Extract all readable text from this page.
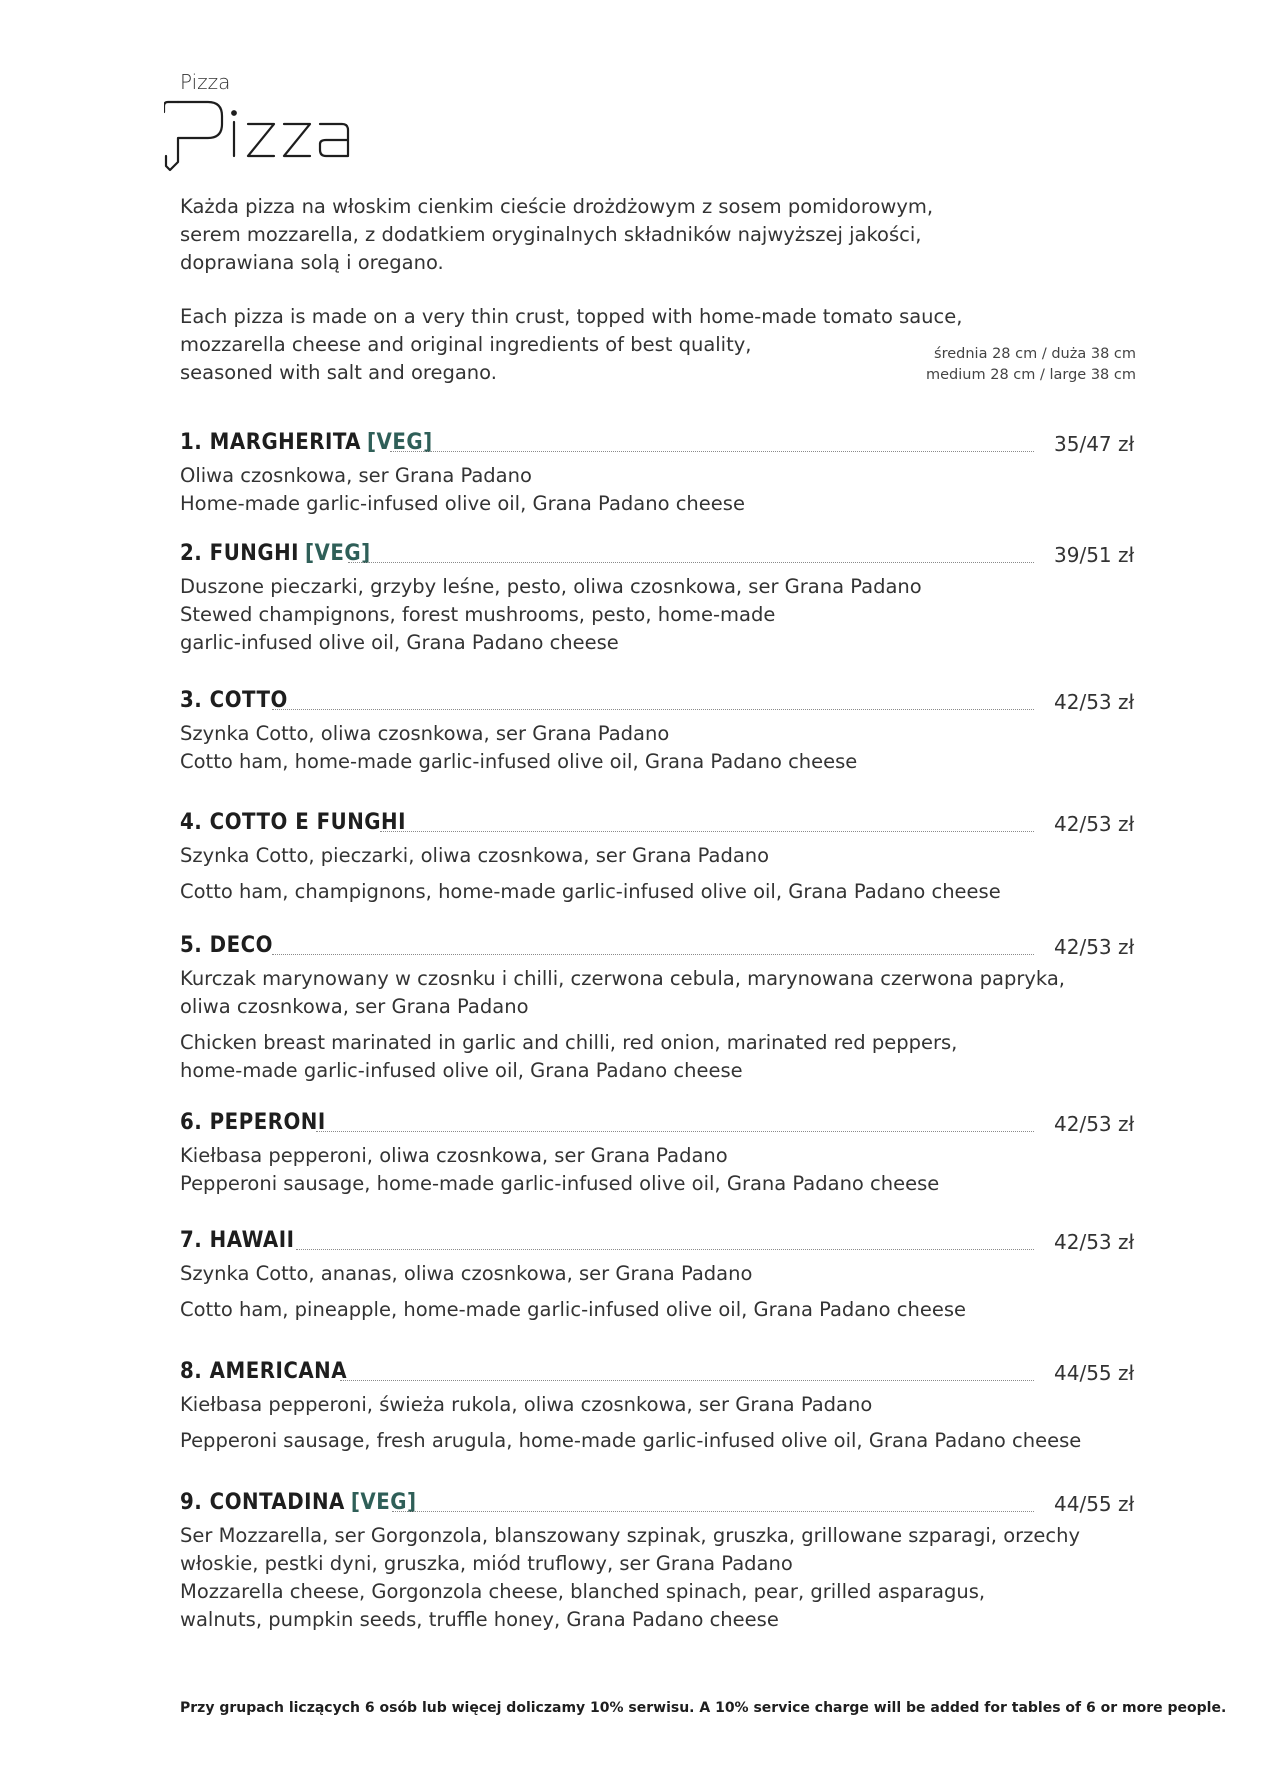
Pizza
Każda pizza na włoskim cienkim cieście drożdżowym z sosem pomidorowym,
serem mozzarella, z dodatkiem oryginalnych składników najwyższej jakości,
doprawiana solą i oregano.
Each pizza is made on a very thin crust, topped with home-made tomato sauce,
mozzarella cheese and original ingredients of best quality,
seasoned with salt and oregano.
średnia 28 cm / duża 38 cm
medium 28 cm / large 38 cm
1. MARGHERITA [VEG]	35/47 zł
Oliwa czosnkowa, ser Grana Padano
Home-made garlic-infused olive oil, Grana Padano cheese
2. FUNGHI [VEG]	39/51 zł
Duszone pieczarki, grzyby leśne, pesto, oliwa czosnkowa, ser Grana Padano
Stewed champignons, forest mushrooms, pesto, home-made
garlic-infused olive oil, Grana Padano cheese
3. COTTO	42/53 zł
Szynka Cotto, oliwa czosnkowa, ser Grana Padano
Cotto ham, home-made garlic-infused olive oil, Grana Padano cheese
4. COTTO E FUNGHI	42/53 zł
Szynka Cotto, pieczarki, oliwa czosnkowa, ser Grana Padano
Cotto ham, champignons, home-made garlic-infused olive oil, Grana Padano cheese
5. DECO	42/53 zł
Kurczak marynowany w czosnku i chilli, czerwona cebula, marynowana czerwona papryka,
oliwa czosnkowa, ser Grana Padano
Chicken breast marinated in garlic and chilli, red onion, marinated red peppers,
home-made garlic-infused olive oil, Grana Padano cheese
6. PEPERONI	42/53 zł
Kiełbasa pepperoni, oliwa czosnkowa, ser Grana Padano
Pepperoni sausage, home-made garlic-infused olive oil, Grana Padano cheese
7. HAWAII	42/53 zł
Szynka Cotto, ananas, oliwa czosnkowa, ser Grana Padano
Cotto ham, pineapple, home-made garlic-infused olive oil, Grana Padano cheese
8. AMERICANA	44/55 zł
Kiełbasa pepperoni, świeża rukola, oliwa czosnkowa, ser Grana Padano
Pepperoni sausage, fresh arugula, home-made garlic-infused olive oil, Grana Padano cheese
9. CONTADINA [VEG]	44/55 zł
Ser Mozzarella, ser Gorgonzola, blanszowany szpinak, gruszka, grillowane szparagi, orzechy
włoskie, pestki dyni, gruszka, miód truflowy, ser Grana Padano
Mozzarella cheese, Gorgonzola cheese, blanched spinach, pear, grilled asparagus,
walnuts, pumpkin seeds, truffle honey, Grana Padano cheese
Przy grupach liczących 6 osób lub więcej doliczamy 10% serwisu. A 10% service charge will be added for tables of 6 or more people.
